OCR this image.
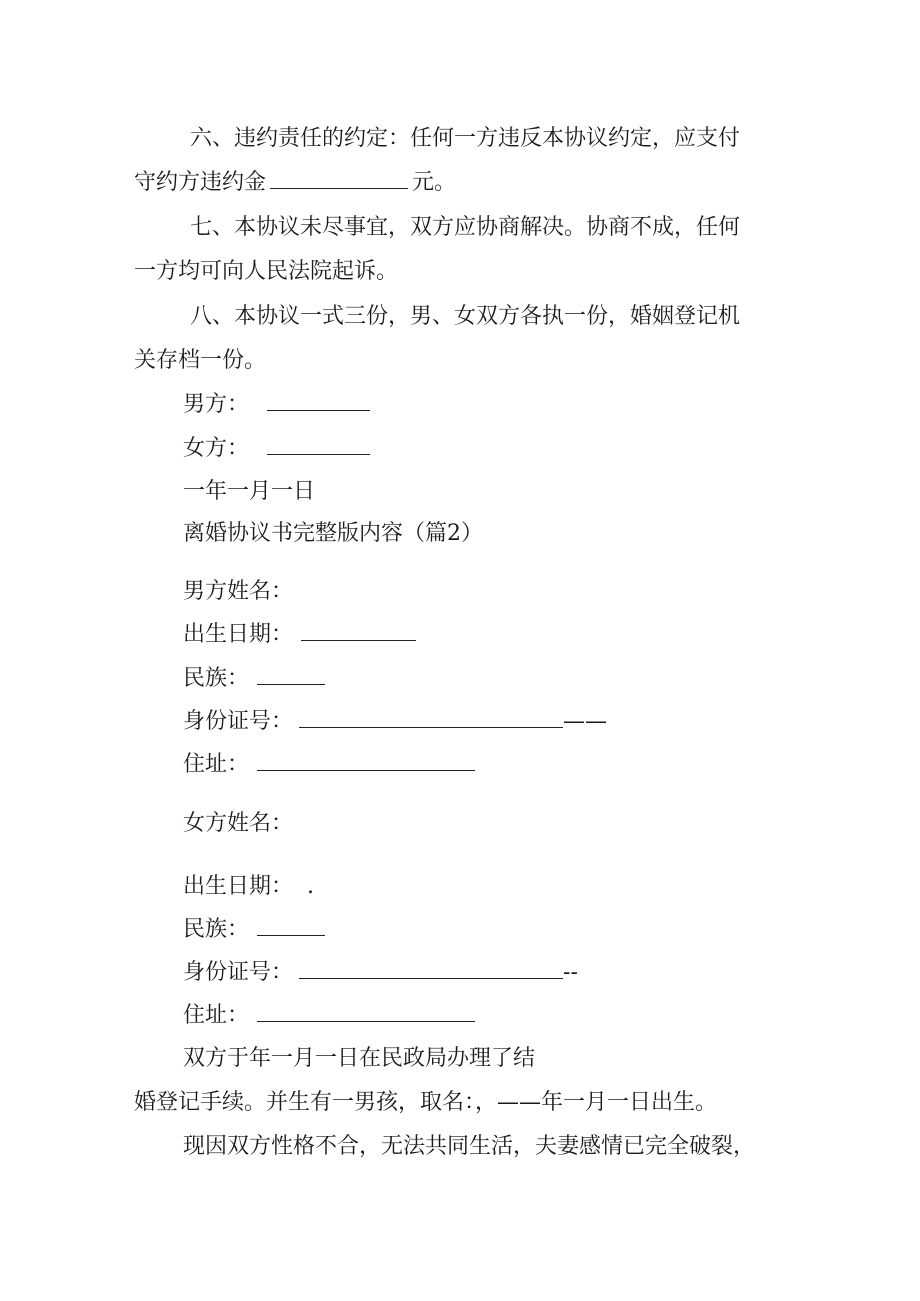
六、违约责任的约定：任何一方违反本协议约定，应支付
守约方违约金	元。
七、本协议未尽事宜，双方应协商解决。协商不成，任何
一方均可向人民法院起诉。
八、本协议一式三份，男、女双方各执一份，婚姻登记机
关存档一份。
男方：
女方：
一年一月一日
离婚协议书完整版内容（篇2）
男方姓名：
出生日期：
民族：
身份证号：	——
住址：
女方姓名：
出生日期： .
民族：
身份证号：	--
住址：
双方于年一月一日在民政局办理了结
婚登记手续。并生有一男孩，取名：，——年一月一日出生。
现因双方性格不合，无法共同生活，夫妻感情已完全破裂，
